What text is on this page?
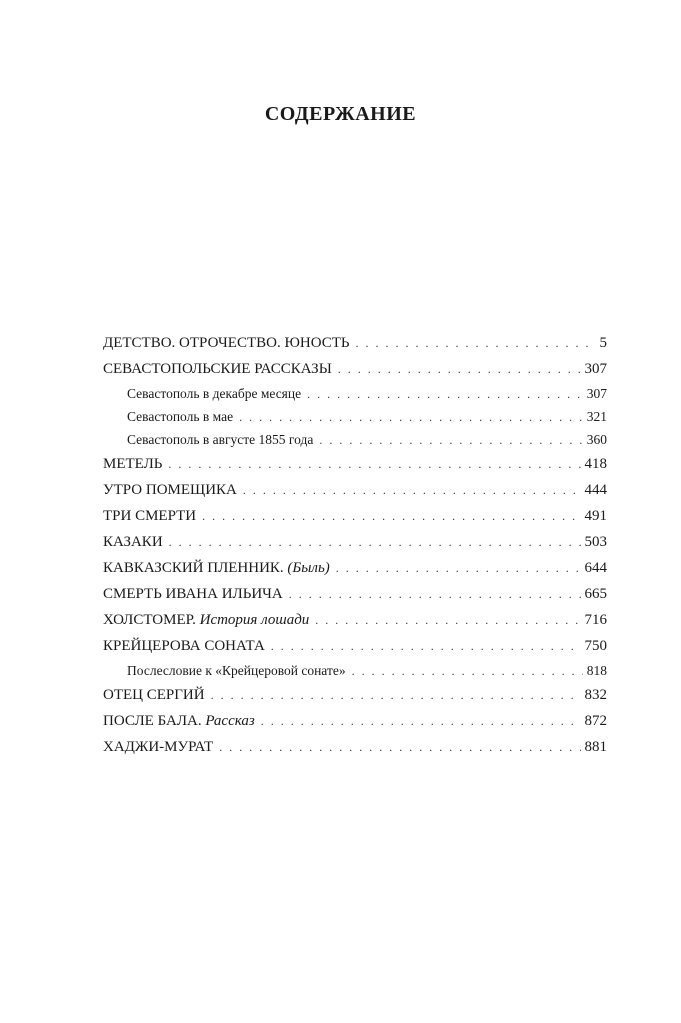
СОДЕРЖАНИЕ
ДЕТСТВО. ОТРОЧЕСТВО. ЮНОСТЬ . . .	5
СЕВАСТОПОЛЬСКИЕ РАССКАЗЫ . . .	307
Севастополь в декабре месяце . . .	307
Севастополь в мае . . .	321
Севастополь в августе 1855 года . . .	360
МЕТЕЛЬ . . .	418
УТРО ПОМЕЩИКА . . .	444
ТРИ СМЕРТИ . . .	491
КАЗАКИ . . .	503
КАВКАЗСКИЙ ПЛЕННИК. (Быль) . . .	644
СМЕРТЬ ИВАНА ИЛЬИЧА . . .	665
ХОЛСТОМЕР. История лошади . . .	716
КРЕЙЦЕРОВА СОНАТА . . .	750
Послесловие к «Крейцеровой сонате» . . .	818
ОТЕЦ СЕРГИЙ . . .	832
ПОСЛЕ БАЛА. Рассказ . . .	872
ХАДЖИ-МУРАТ . . .	881
